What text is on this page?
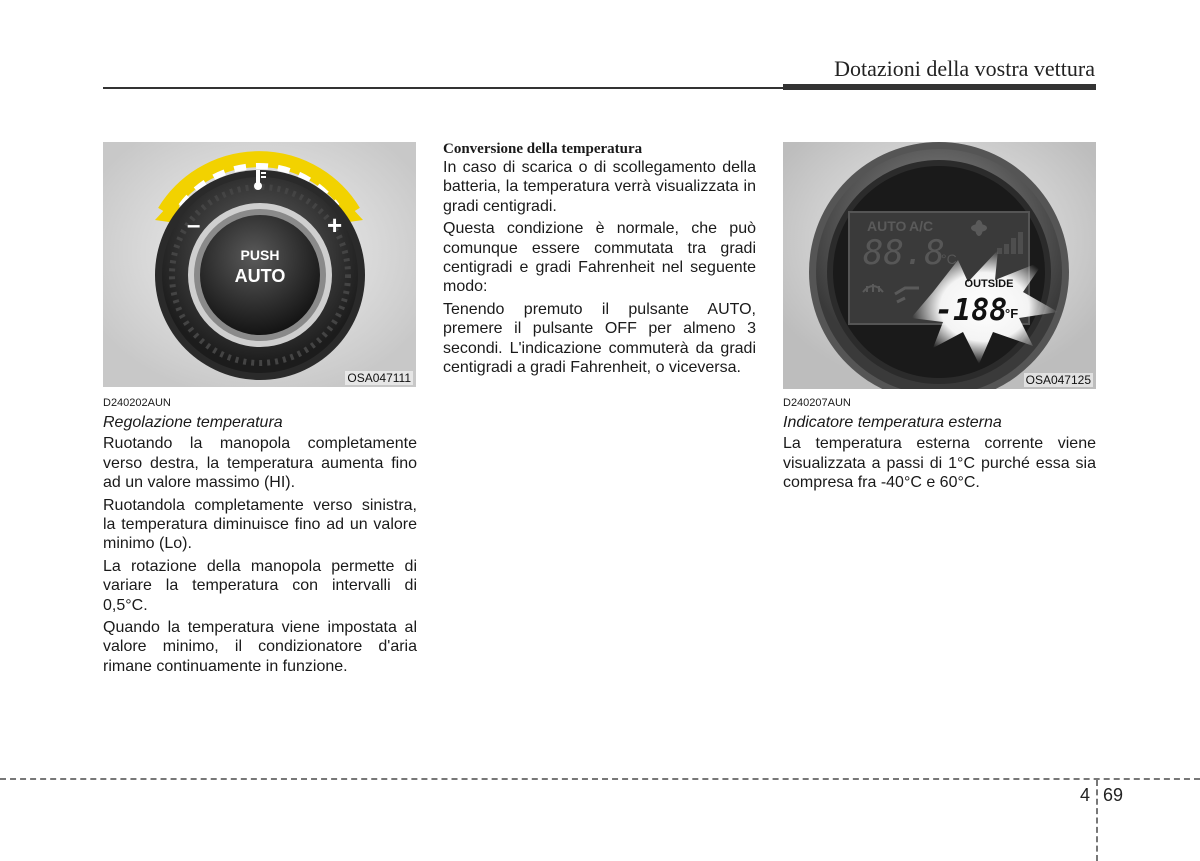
Dotazioni della vostra vettura
–	+
PUSH
AUTO
OSA047111
D240202AUN
Regolazione temperatura

Ruotando la manopola completamente verso destra, la temperatura aumenta fino ad un valore massimo (HI).

Ruotandola completamente verso sinistra, la temperatura diminuisce fino ad un valore minimo (Lo).

La rotazione della manopola permette di variare la temperatura con intervalli di 0,5°C.

Quando la temperatura viene impostata al valore minimo, il condizionatore d'aria rimane continuamente in funzione.

Conversione della temperatura

In caso di scarica o di scollegamento della batteria, la temperatura verrà visualizzata in gradi centigradi.

Questa condizione è normale, che può comunque essere commutata tra gradi centigradi e gradi Fahrenheit nel seguente modo:

Tenendo premuto il pulsante AUTO, premere il pulsante OFF per almeno 3 secondi. L'indicazione commuterà da gradi centigradi a gradi Fahrenheit, o viceversa.

AUTO A/C
88.8
°C
OUTSIDE
-188
°F
OSA047125
D240207AUN
Indicatore temperatura esterna

La temperatura esterna corrente viene visualizzata a passi di 1°C purché essa sia compresa fra -40°C e 60°C.

4 69
